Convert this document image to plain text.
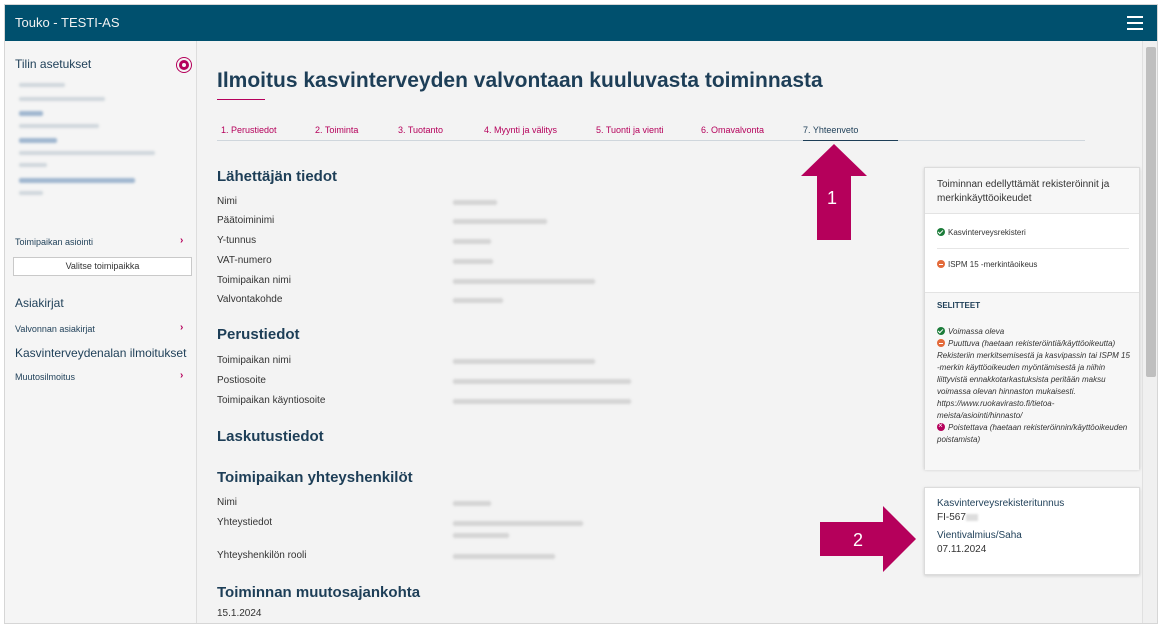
Touko - TESTI-AS
Tilin asetukset
Toimipaikan asiointi	›
Valitse toimipaikka
Asiakirjat
Valvonnan asiakirjat	›
Kasvinterveydenalan ilmoitukset
Muutosilmoitus	›
Ilmoitus kasvinterveyden valvontaan kuuluvasta toiminnasta
1. Perustiedot	2. Toiminta	3. Tuotanto	4. Myynti ja välitys	5. Tuonti ja vienti	6. Omavalvonta	7. Yhteenveto
Lähettäjän tiedot
Nimi
Päätoiminimi
Y-tunnus
VAT-numero
Toimipaikan nimi
Valvontakohde
Perustiedot
Toimipaikan nimi
Postiosoite
Toimipaikan käyntiosoite
Laskutustiedot
Toimipaikan yhteyshenkilöt
Nimi
Yhteystiedot
Yhteyshenkilön rooli
Toiminnan muutosajankohta
15.1.2024
Toiminnan edellyttämät rekisteröinnit ja merkinkäyttöoikeudet
Kasvinterveysrekisteri
ISPM 15 -merkintäoikeus
SELITTEET
Voimassa oleva
Puuttuva (haetaan rekisteröintiä/käyttöoikeutta) Rekisteriin merkitsemisestä ja kasvipassin tai ISPM 15 -merkin käyttöoikeuden myöntämisestä ja niihin liittyvistä ennakkotarkastuksista peritään maksu voimassa olevan hinnaston mukaisesti. https://www.ruokavirasto.fi/tietoa-meista/asiointi/hinnasto/
×Poistettava (haetaan rekisteröinnin/käyttöoikeuden poistamista)
Kasvinterveysrekisteritunnus
FI-567
Vientivalmius/Saha
07.11.2024
1
2
